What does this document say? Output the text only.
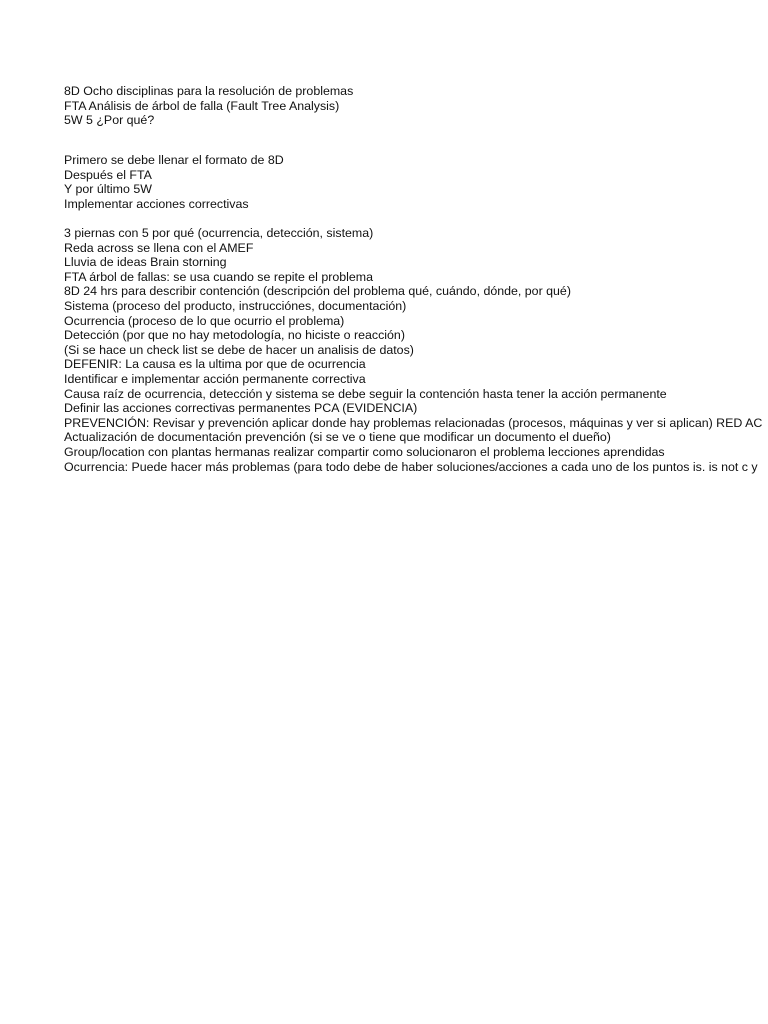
8D Ocho disciplinas para la resolución de problemas
FTA Análisis de árbol de falla (Fault Tree Analysis)
5W 5 ¿Por qué?
Primero se debe llenar el formato de 8D
Después el FTA
Y por último 5W
Implementar acciones correctivas
3 piernas con 5 por qué (ocurrencia, detección, sistema)
Reda across se llena con el AMEF
Lluvia de ideas Brain storning
FTA árbol de fallas: se usa cuando se repite el problema
8D 24 hrs para describir contención (descripción del problema qué, cuándo, dónde, por qué)
Sistema (proceso del producto, instrucciónes, documentación)
Ocurrencia (proceso de lo que ocurrio el problema)
Detección (por que no hay metodología, no hiciste o reacción)
(Si se hace un check list se debe de hacer un analisis de datos)
DEFENIR: La causa es la ultima por que de ocurrencia
Identificar e implementar acción permanente correctiva
Causa raíz de ocurrencia, detección y sistema se debe seguir la contención hasta tener la acción permanente
Definir las acciones correctivas permanentes PCA (EVIDENCIA)
PREVENCIÓN: Revisar y prevención aplicar donde hay problemas relacionadas (procesos, máquinas y ver si aplican) RED AC
Actualización de documentación prevención (si se ve o tiene que modificar un documento el dueño)
Group/location con plantas hermanas realizar compartir como solucionaron el problema lecciones aprendidas
Ocurrencia: Puede hacer más problemas (para todo debe de haber soluciones/acciones a cada uno de los puntos is. is not c y
